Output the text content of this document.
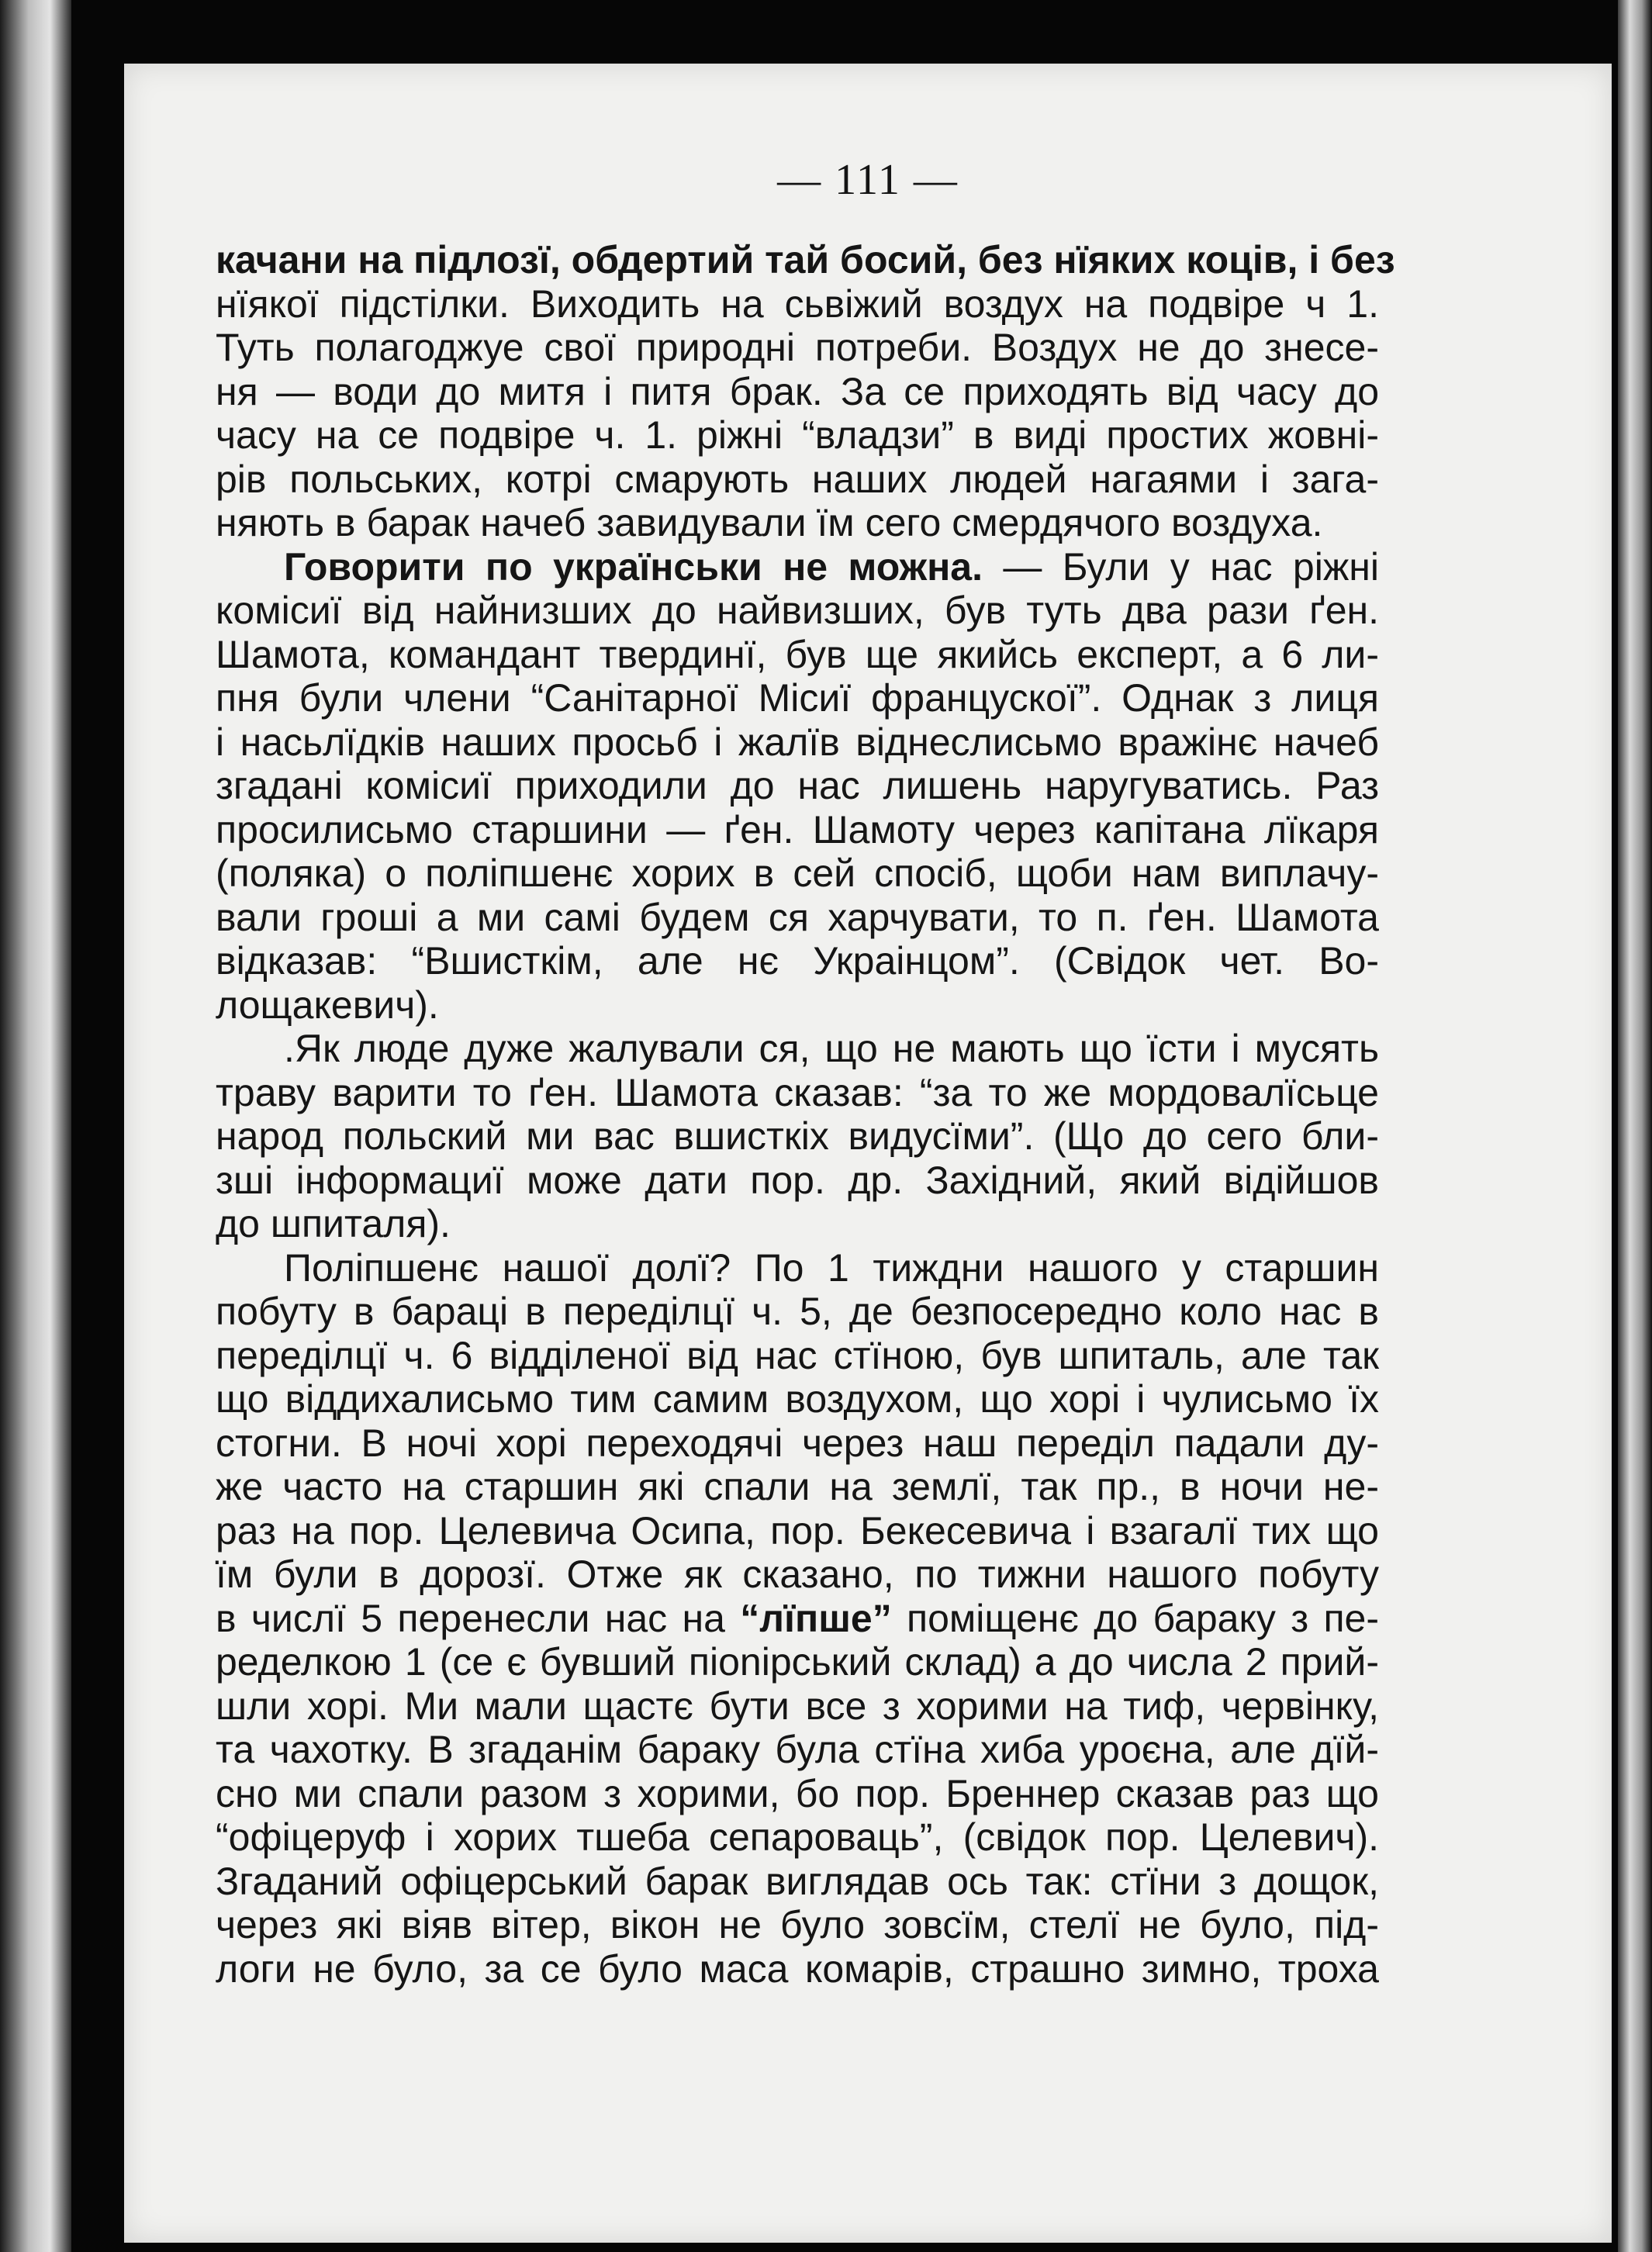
— 111 —
качани на підлозї, обдертий тай босий, без нїяких коців, і без
нїякої підстілки. Виходить на сьвіжий воздух на подвіре ч 1.
Туть полагоджуе свої природні потреби. Воздух не до знесе-
ня — води до митя і питя брак. За се приходять від часу до
часу на се подвіре ч. 1. ріжні “владзи” в виді простих жовні-
рів польських, котрі смарують наших людей нагаями і зага-
няють в барак начеб завидували їм сего смердячого воздуха.
Говорити по українськи не можна. — Були у нас ріжні
комісиї від найнизших до найвизших, був туть два рази ґен.
Шамота, командант твердинї, був ще якийсь експерт, а 6 ли-
пня були члени “Санітарної Місиї францускої”. Однак з лиця
і насьлїдків наших просьб і жалїв віднеслисьмо вражінє начеб
згадані комісиї приходили до нас лишень наругуватись. Раз
просилисьмо старшини — ґен. Шамоту через капітана лїкаря
(поляка) о поліпшенє хорих в сей спосіб, щоби нам виплачу-
вали гроші а ми самі будем ся харчувати, то п. ґен. Шамота
відказав: “Вшисткім, але нє Украінцом”. (Свідок чет. Во-
лощакевич).
.Як люде дуже жалували ся, що не мають що їсти і мусять
траву варити то ґен. Шамота сказав: “за то же мордовалїсьце
народ польский ми вас вшисткіх видусїми”. (Що до сего бли-
зші інформациї може дати пор. др. Західний, який відійшов
до шпиталя).
Поліпшенє нашої долї? По 1 тиждни нашого у старшин
побуту в бараці в переділцї ч. 5, де безпосередно коло нас в
переділцї ч. 6 відділеної від нас стїною, був шпиталь, але так
що віддихалисьмо тим самим воздухом, що хорі і чулисьмо їх
стогни. В ночі хорі переходячі через наш переділ падали ду-
же часто на старшин які спали на землї, так пр., в ночи не-
раз на пор. Целевича Осипа, пор. Бекесевича і взагалї тих що
їм були в дорозї. Отже як сказано, по тижни нашого побуту
в числї 5 перенесли нас на “лїпше” поміщенє до бараку з пе-
ределкою 1 (се є бувший пionірський склад) а до числа 2 прий-
шли хорі. Ми мали щастє бути все з хорими на тиф, червінку,
та чахотку. В згаданім бараку була стїна хиба уроєна, але дїй-
сно ми спали разом з хорими, бо пор. Бреннер сказав раз що
“офіцеруф і хорих тшеба сепароваць”, (свідок пор. Целевич).
Згаданий офіцерський барак виглядав ось так: стїни з дощок,
через які віяв вітер, вікон не було зовсїм, стелї не було, під-
логи не було, за се було маса комарів, страшно зимно, троха
